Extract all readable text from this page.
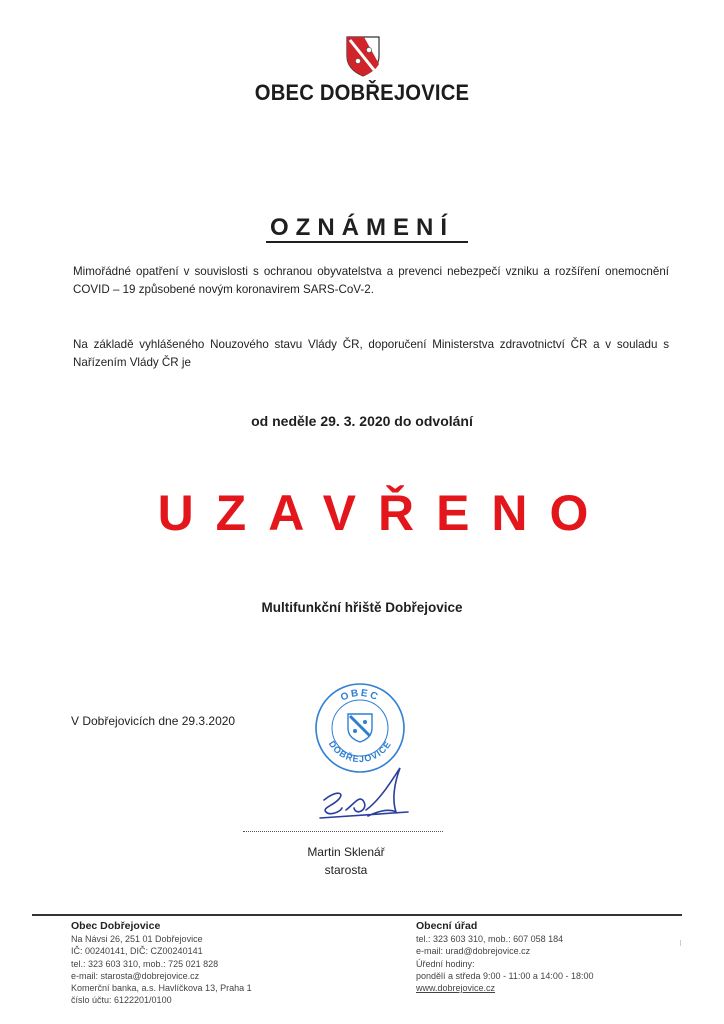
OBEC DOBŘEJOVICE
OZNÁMENÍ
Mimořádné opatření v souvislosti s ochranou obyvatelstva a prevenci nebezpečí vzniku a rozšíření onemocnění COVID – 19 způsobené novým koronavirem SARS-CoV-2.
Na základě vyhlášeného Nouzového stavu Vlády ČR, doporučení Ministerstva zdravotnictví ČR a v souladu s Nařízením Vlády ČR je
od neděle 29. 3. 2020 do odvolání
UZAVŘENO
Multifunkční hřiště Dobřejovice
V Dobřejovicích dne 29.3.2020
OBEC
DOBŘEJOVICE
Martin Sklenář
starosta
Obec Dobřejovice
Na Návsi 26, 251 01 Dobřejovice
IČ: 00240141, DIČ: CZ00240141
tel.: 323 603 310, mob.: 725 021 828
e-mail: starosta@dobrejovice.cz
Komerční banka, a.s. Havlíčkova 13, Praha 1
číslo účtu: 6122201/0100
Obecní úřad
tel.: 323 603 310, mob.: 607 058 184
e-mail: urad@dobrejovice.cz
Úřední hodiny:
pondělí a středa 9:00 - 11:00 a 14:00 - 18:00
www.dobrejovice.cz
